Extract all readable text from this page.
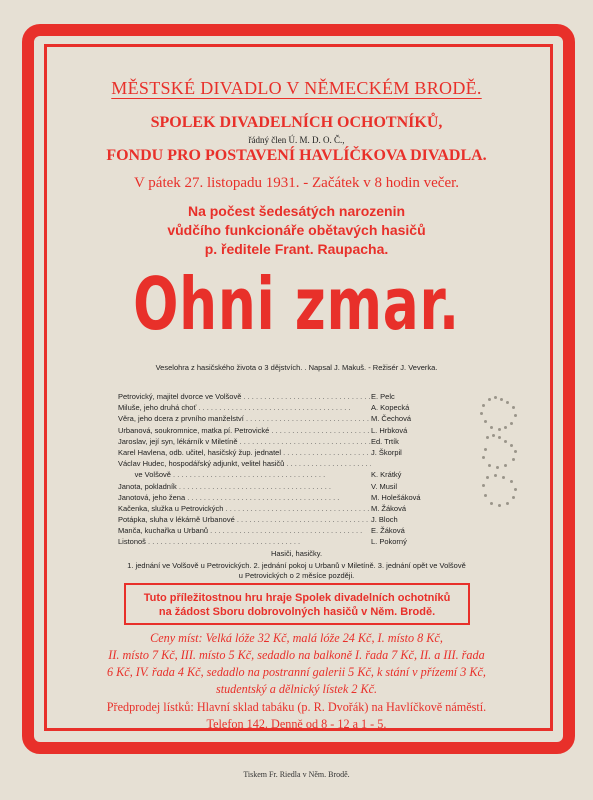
MĚSTSKÉ DIVADLO V NĚMECKÉM BRODĚ.
SPOLEK DIVADELNÍCH OCHOTNÍKŮ,
řádný člen Ú. M. D. O. Č.,
FONDU PRO POSTAVENÍ HAVLÍČKOVA DIVADLA.
V pátek 27. listopadu 1931. - Začátek v 8 hodin večer.
Na počest šedesátých narozenin
vůdčího funkcionáře obětavých hasičů
p. ředitele Frant. Raupacha.
Ohni zmar.
Veselohra z hasičského života o 3 dějstvích. . Napsal J. Makuš. - Režisér J. Veverka.
Petrovický, majitel dvorce ve Volšově . . .	E. Pelc
Miluše, jeho druhá choť . . .	A. Kopecká
Věra, jeho dcera z prvního manželství . . .	M. Čechová
Urbanová, soukromnice, matka pí. Petrovické . . .	L. Hrbková
Jaroslav, její syn, lékárník v Miletíně . . .	Ed. Trtík
Karel Havlena, odb. učitel, hasičský žup. jednatel . . .	J. Škorpil
Václav Hudec, hospodářský adjunkt, velitel hasičů . . .
ve Volšově . . .	K. Krátký
Janota, pokladník . . .	V. Musil
Janotová, jeho žena . . .	M. Holešáková
Kačenka, služka u Petrovických . . .	M. Žáková
Potápka, sluha v lékárně Urbanové . . .	J. Bloch
Manča, kuchařka u Urbanů . . .	E. Žáková
Listonoš . . .	L. Pokorný
Hasiči, hasičky.
1. jednání ve Volšově u Petrovických. 2. jednání pokoj u Urbanů v Miletíně. 3. jednání opět ve Volšově
u Petrovických o 2 měsíce později.
Tuto příležitostnou hru hraje Spolek divadelních ochotníků
na žádost Sboru dobrovolných hasičů v Něm. Brodě.
Ceny míst: Velká lóže 32 Kč, malá lóže 24 Kč, I. místo 8 Kč,
II. místo 7 Kč, III. místo 5 Kč, sedadlo na balkoně I. řada 7 Kč, II. a III. řada
6 Kč, IV. řada 4 Kč, sedadlo na postranní galerii 5 Kč, k stání v přízemí 3 Kč,
studentský a dělnický lístek 2 Kč.
Předprodej lístků: Hlavní sklad tabáku (p. R. Dvořák) na Havlíčkově náměstí.
Telefon 142. Denně od 8 - 12 a 1 - 5.
Tiskem Fr. Riedla v Něm. Brodě.
